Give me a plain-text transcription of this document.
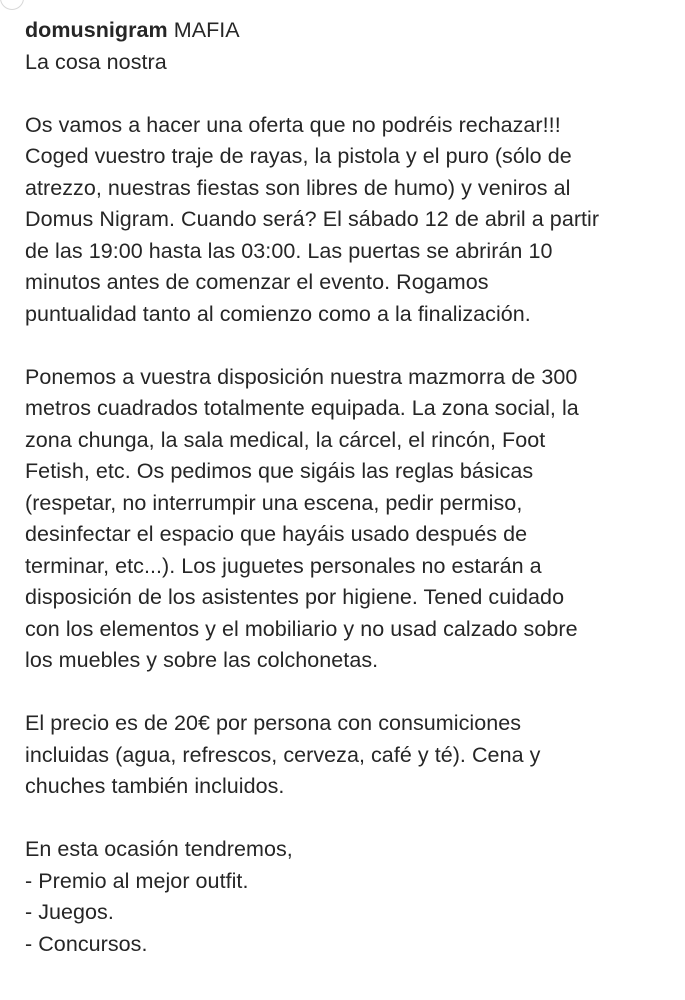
domusnigram MAFIA
La cosa nostra
Os vamos a hacer una oferta que no podréis rechazar!!!
Coged vuestro traje de rayas, la pistola y el puro (sólo de
atrezzo, nuestras fiestas son libres de humo) y veniros al
Domus Nigram. Cuando será? El sábado 12 de abril a partir
de las 19:00 hasta las 03:00. Las puertas se abrirán 10
minutos antes de comenzar el evento. Rogamos
puntualidad tanto al comienzo como a la finalización.
Ponemos a vuestra disposición nuestra mazmorra de 300
metros cuadrados totalmente equipada. La zona social, la
zona chunga, la sala medical, la cárcel, el rincón, Foot
Fetish, etc. Os pedimos que sigáis las reglas básicas
(respetar, no interrumpir una escena, pedir permiso,
desinfectar el espacio que hayáis usado después de
terminar, etc...). Los juguetes personales no estarán a
disposición de los asistentes por higiene. Tened cuidado
con los elementos y el mobiliario y no usad calzado sobre
los muebles y sobre las colchonetas.
El precio es de 20€ por persona con consumiciones
incluidas (agua, refrescos, cerveza, café y té). Cena y
chuches también incluidos.
En esta ocasión tendremos,
- Premio al mejor outfit.
- Juegos.
- Concursos.
